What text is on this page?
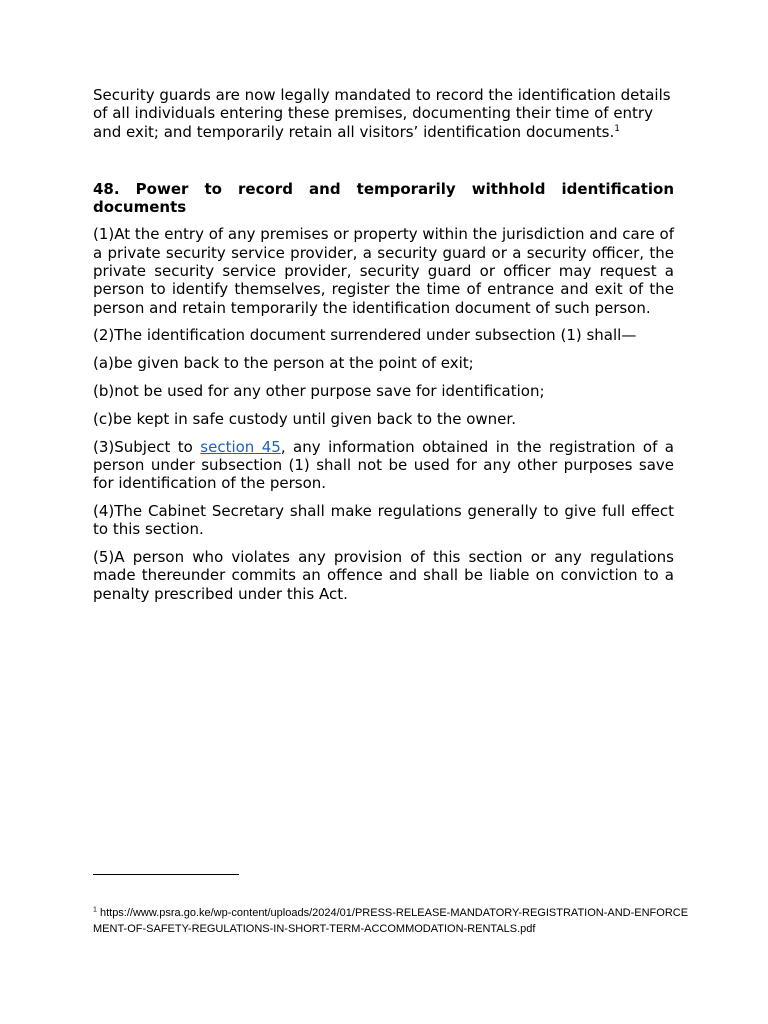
Security guards are now legally mandated to record the identification details of all individuals entering these premises, documenting their time of entry and exit; and temporarily retain all visitors’ identification documents.$^1$

48. Power to record and temporarily withhold identification documents

(1)At the entry of any premises or property within the jurisdiction and care of a private security service provider, a security guard or a security officer, the private security service provider, security guard or officer may request a person to identify themselves, register the time of entrance and exit of the person and retain temporarily the identification document of such person.

(2)The identification document surrendered under subsection (1) shall—

(a)be given back to the person at the point of exit;

(b)not be used for any other purpose save for identification;

(c)be kept in safe custody until given back to the owner.

(3)Subject to section 45, any information obtained in the registration of a person under subsection (1) shall not be used for any other purposes save for identification of the person.

(4)The Cabinet Secretary shall make regulations generally to give full effect to this section.

(5)A person who violates any provision of this section or any regulations made thereunder commits an offence and shall be liable on conviction to a penalty prescribed under this Act.

$^1$ https://www.psra.go.ke/wp-content/uploads/2024/01/PRESS-RELEASE-MANDATORY-REGISTRATION-AND-ENFORCEMENT-OF-SAFETY-REGULATIONS-IN-SHORT-TERM-ACCOMMODATION-RENTALS.pdf
